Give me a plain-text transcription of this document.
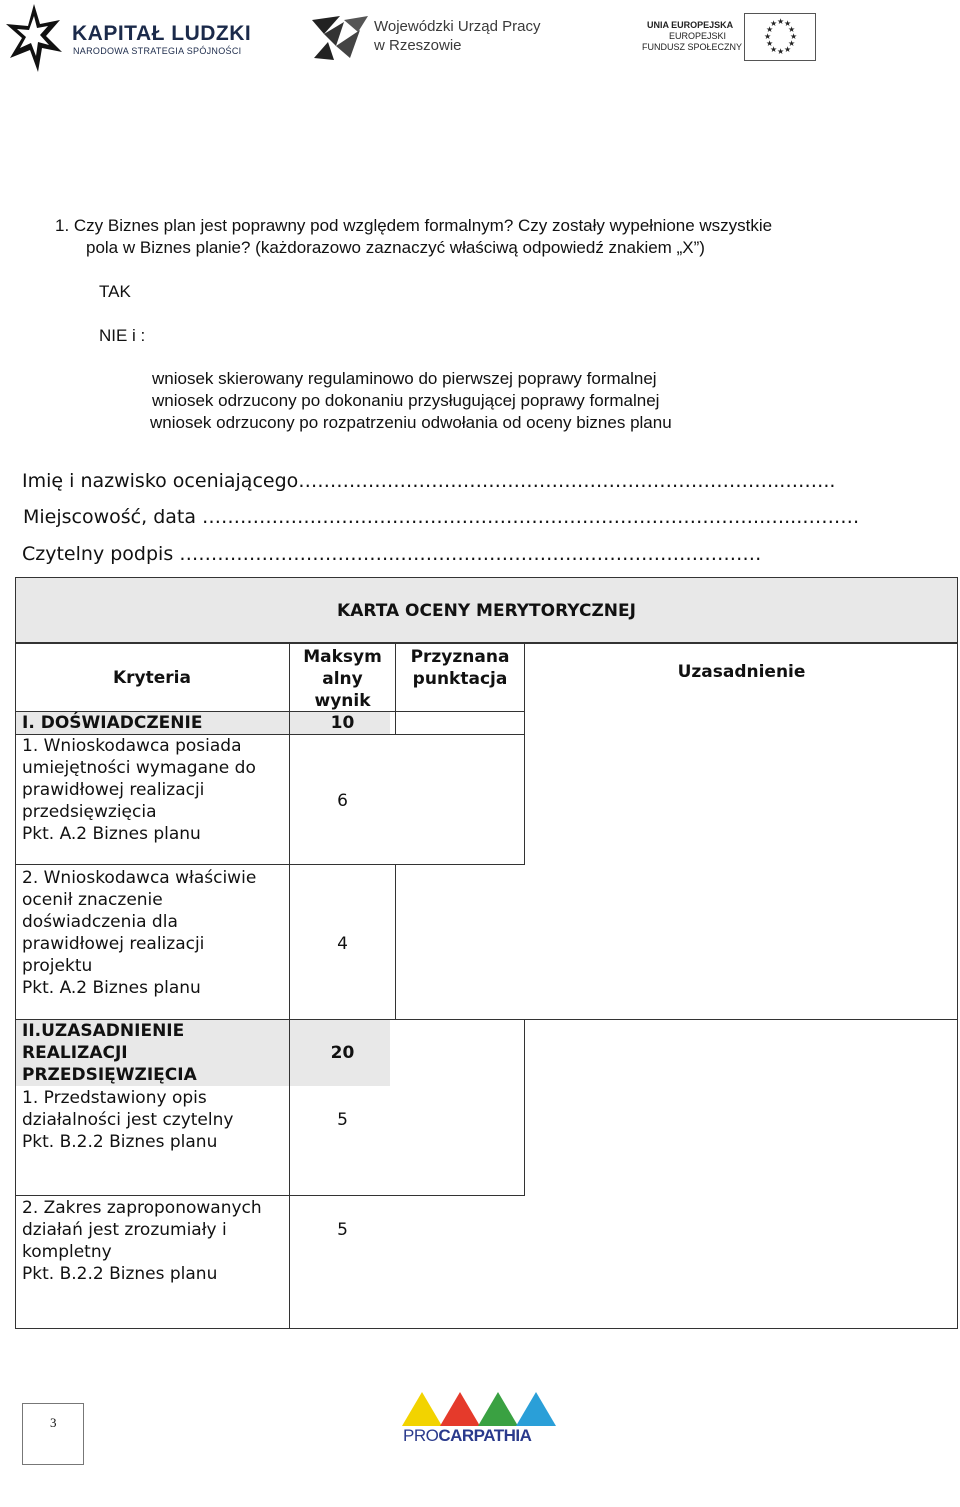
KAPITAŁ LUDZKI
NARODOWA STRATEGIA SPÓJNOŚCI
Wojewódzki Urząd Pracy
w Rzeszowie
UNIA EUROPEJSKA
EUROPEJSKI
FUNDUSZ SPOŁECZNY
★ ★
★
★
★
★
★
★
★
★
★
★
1. Czy Biznes plan jest poprawny pod względem formalnym? Czy zostały wypełnione wszystkie
pola w Biznes planie? (każdorazowo zaznaczyć właściwą odpowiedź znakiem „X”)
TAK
NIE i :
wniosek skierowany regulaminowo do pierwszej poprawy formalnej
wniosek odrzucony po dokonaniu przysługującej poprawy formalnej
wniosek odrzucony po rozpatrzeniu odwołania od oceny biznes planu
Imię i nazwisko oceniającego…………………………………………………………………..……..
Miejscowość, data ……………………………………………………………………………..…...………
Czytelny podpis ……………………………..…………………………………………………
KARTA OCENY MERYTORYCZNEJ
Kryteria
Maksym
alny
wynik
Przyznana
punktacja	Uzasadnienie
I. DOŚWIADCZENIE	10
1. Wnioskodawca posiada
umiejętności wymagane do
prawidłowej realizacji
przedsięwzięcia
Pkt. A.2 Biznes planu
6
2. Wnioskodawca właściwie
ocenił znaczenie
doświadczenia dla
prawidłowej realizacji
projektu
Pkt. A.2 Biznes planu
4
II.UZASADNIENIE
REALIZACJI
PRZEDSIĘWZIĘCIA
20
1. Przedstawiony opis
działalności jest czytelny
Pkt. B.2.2 Biznes planu
5
2. Zakres zaproponowanych
działań jest zrozumiały i
kompletny
Pkt. B.2.2 Biznes planu
5
3
PROCARPATHIA
